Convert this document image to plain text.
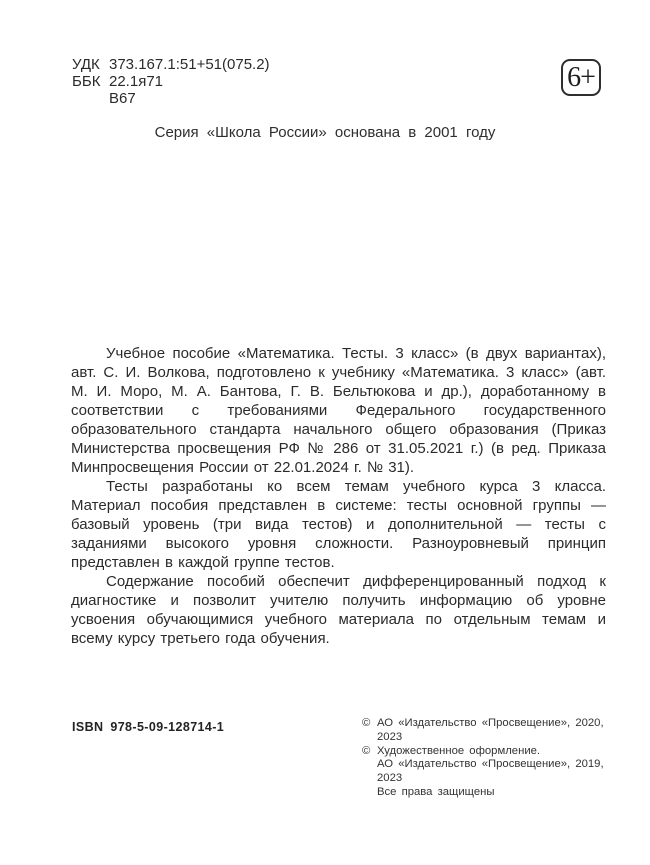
УДК 373.167.1:51+51(075.2)
ББК 22.1я71
В67
6+
Серия «Школа России» основана в 2001 году

Учебное пособие «Математика. Тесты. 3 класс» (в двух вариантах), авт. С. И. Волкова, подготовлено к учебнику «Математика. 3 класс» (авт. М. И. Моро, М. А. Бантова, Г. В. Бельтюкова и др.), доработанному в соответствии с требованиями Федерального государственного образовательного стандарта начального общего образования (Приказ Министерства просвещения РФ № 286 от 31.05.2021 г.) (в ред. Приказа Минпросвещения России от 22.01.2024 г. № 31).

Тесты разработаны ко всем темам учебного курса 3 класса. Материал пособия представлен в системе: тесты основной группы — базовый уровень (три вида тестов) и дополнительной — тесты с заданиями высокого уровня сложности. Разноуровневый принцип представлен в каждой группе тестов.

Содержание пособий обеспечит дифференцированный подход к диагностике и позволит учителю получить информацию об уровне усвоения обучающимися учебного материала по отдельным темам и всему курсу третьего года обучения.

ISBN 978-5-09-128714-1	© АО «Издательство «Просвещение», 2020, 2023
© Художественное оформление.
АО «Издательство «Просвещение», 2019, 2023
Все права защищены
